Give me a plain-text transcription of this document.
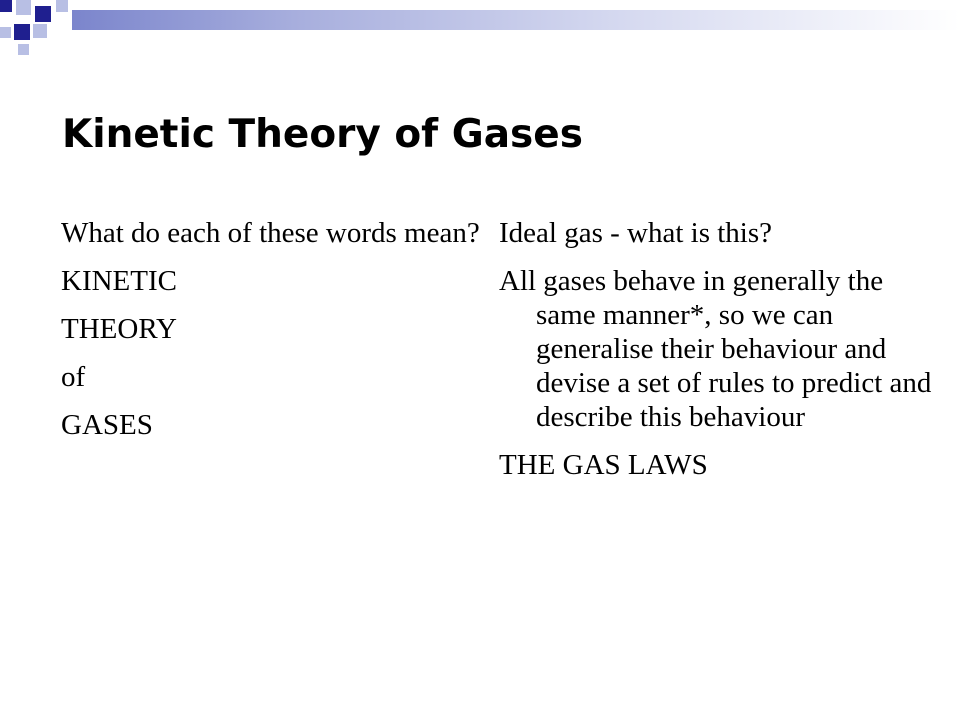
Kinetic Theory of Gases

What do each of these words mean?

KINETIC

THEORY

of

GASES

Ideal gas - what is this?

All gases behave in generally the same manner*, so we can generalise their behaviour and devise a set of rules to predict and describe this behaviour

THE GAS LAWS
